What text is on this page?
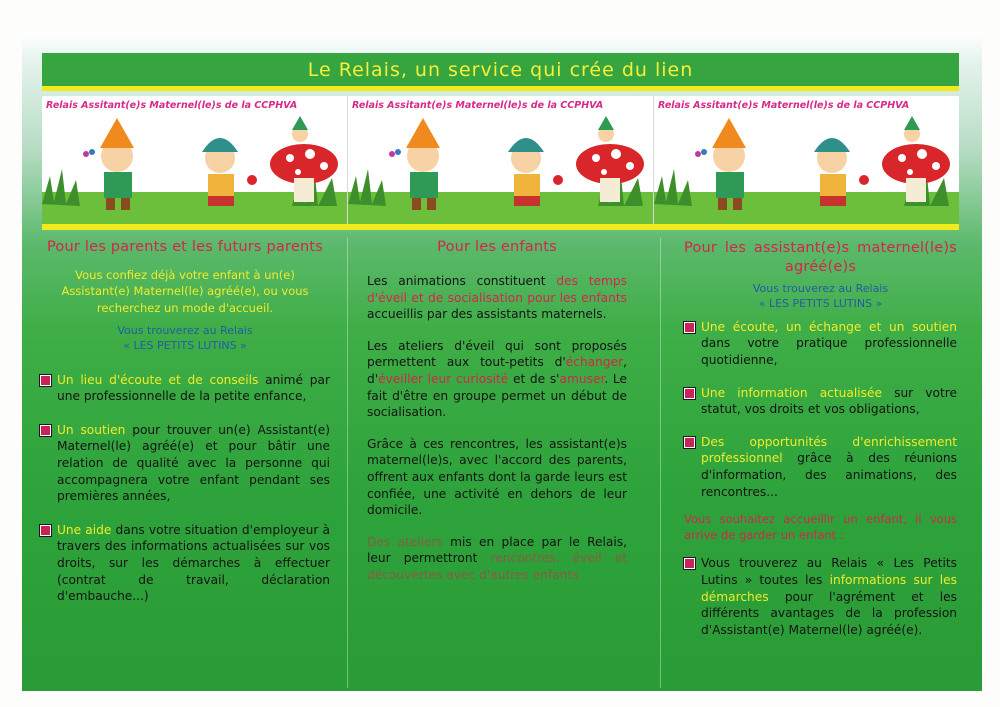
Le Relais, un service qui crée du lien
Relais Assitant(e)s Maternel(le)s de la CCPHVA	Relais Assitant(e)s Maternel(le)s de la CCPHVA	Relais Assitant(e)s Maternel(le)s de la CCPHVA
Pour les parents et les futurs parents
Vous confiez déjà votre enfant à un(e) Assistant(e) Maternel(le) agréé(e), ou vous recherchez un mode d'accueil.
Vous trouverez au Relais
« LES PETITS LUTINS »

Un lieu d'écoute et de conseils animé par une professionnelle de la petite enfance,

Un soutien pour trouver un(e) Assistant(e) Maternel(le) agréé(e) et pour bâtir une relation de qualité avec la personne qui accompagnera votre enfant pendant ses premières années,

Une aide dans votre situation d'employeur à travers des informations actualisées sur vos droits, sur les démarches à effectuer (contrat de travail, déclaration d'embauche...)

Pour les enfants

Les animations constituent des temps d'éveil et de socialisation pour les enfants accueillis par des assistants maternels.

Les ateliers d'éveil qui sont proposés permettent aux tout-petits d'échanger, d'éveiller leur curiosité et de s'amuser. Le fait d'être en groupe permet un début de socialisation.

Grâce à ces rencontres, les assistant(e)s maternel(le)s, avec l'accord des parents, offrent aux enfants dont la garde leurs est confiée, une activité en dehors de leur domicile.

Des ateliers mis en place par le Relais, leur permettront rencontres, éveil et découvertes avec d'autres enfants

Pour les assistant(e)s maternel(le)s agréé(e)s
Vous trouverez au Relais
« LES PETITS LUTINS »

Une écoute, un échange et un soutien dans votre pratique professionnelle quotidienne,

Une information actualisée sur votre statut, vos droits et vos obligations,

Des opportunités d'enrichissement professionnel grâce à des réunions d'information, des animations, des rencontres...

Vous souhaitez accueillir un enfant, il vous arrive de garder un enfant :

Vous trouverez au Relais « Les Petits Lutins » toutes les informations sur les démarches pour l'agrément et les différents avantages de la profession d'Assistant(e) Maternel(le) agréé(e).
